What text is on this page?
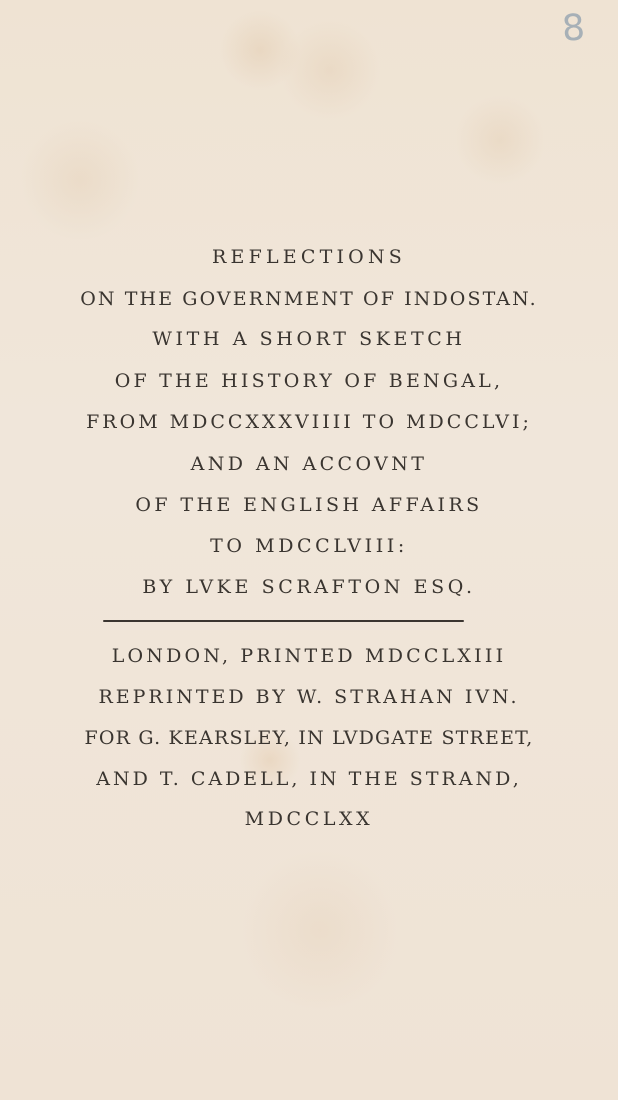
8
REFLECTIONS
ON THE GOVERNMENT OF INDOSTAN.
WITH A SHORT SKETCH
OF THE HISTORY OF BENGAL,
FROM MDCCXXXVIIII TO MDCCLVI;
AND AN ACCOVNT
OF THE ENGLISH AFFAIRS
TO MDCCLVIII:
BY LVKE SCRAFTON ESQ.
LONDON, PRINTED MDCCLXIII
REPRINTED BY W. STRAHAN IVN.
FOR G. KEARSLEY, IN LVDGATE STREET,
AND T. CADELL, IN THE STRAND,
MDCCLXX
